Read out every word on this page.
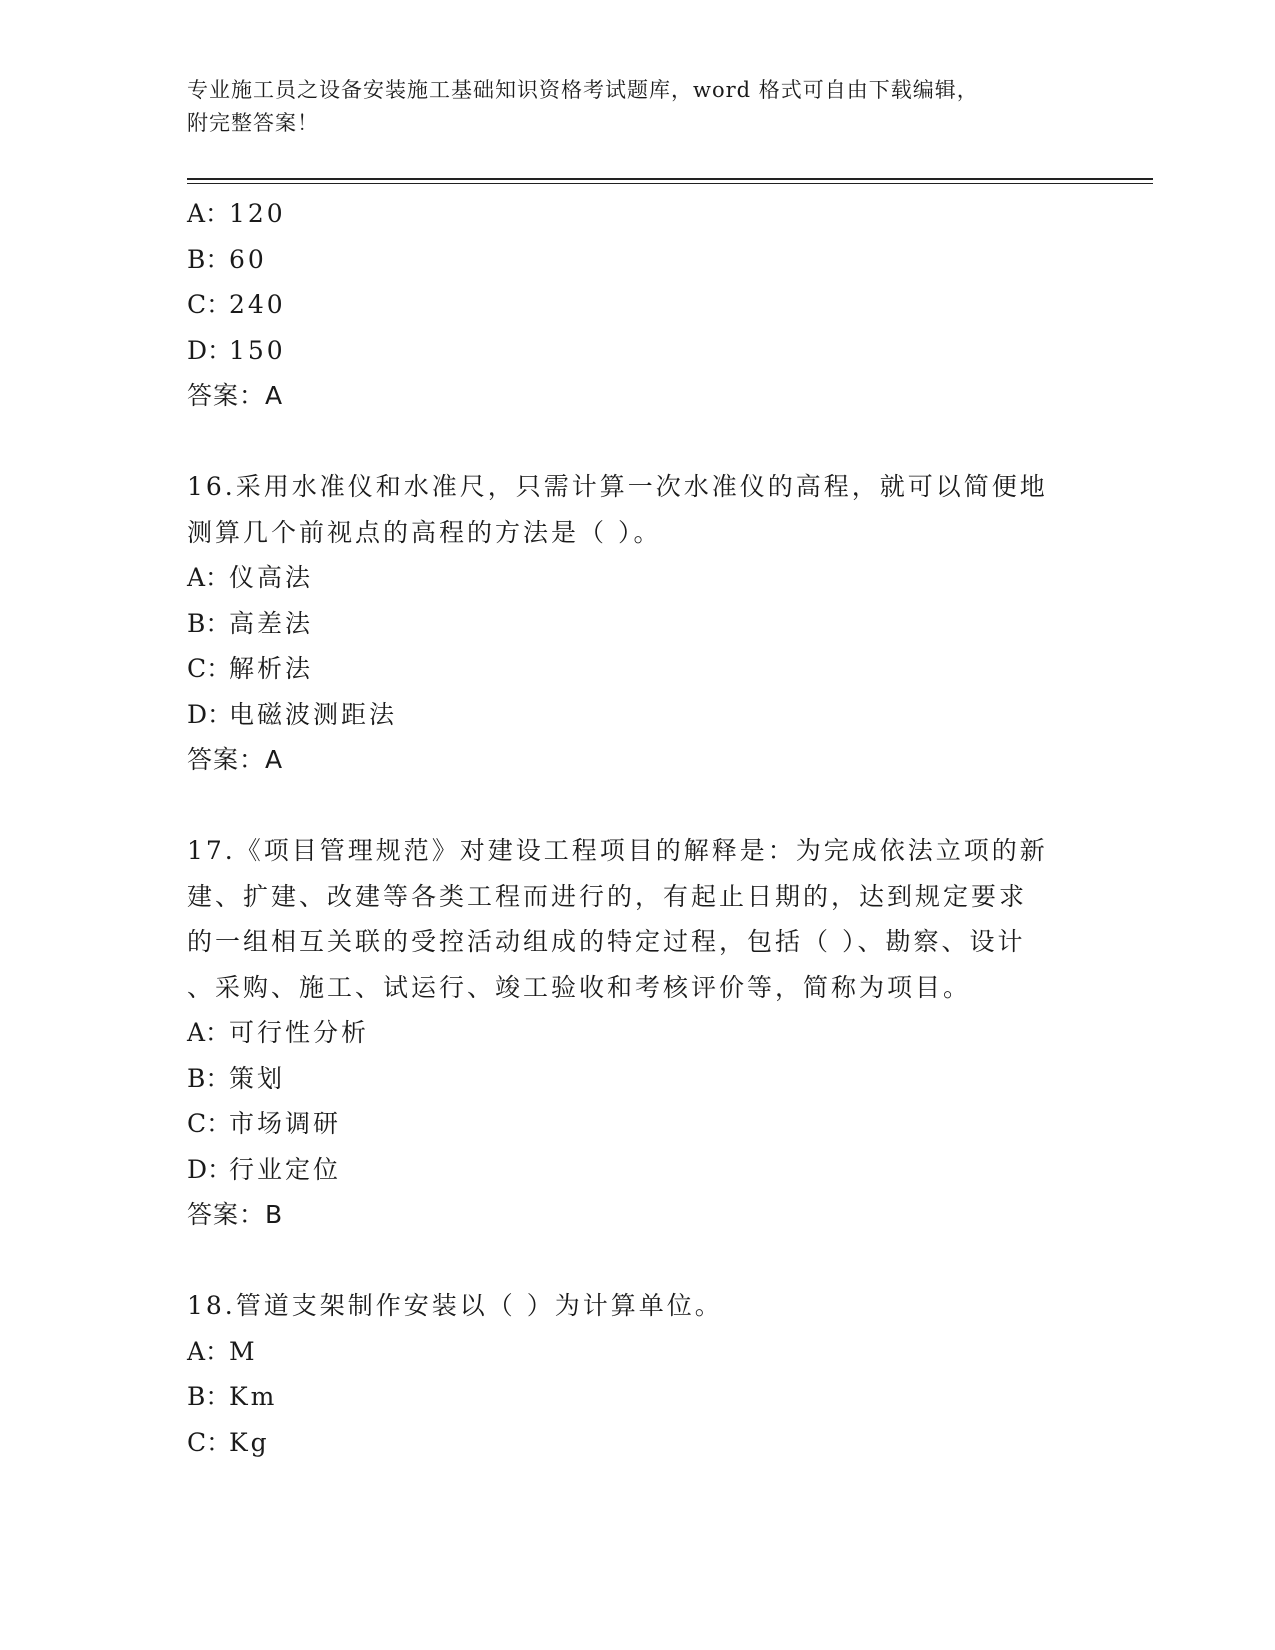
专业施工员之设备安装施工基础知识资格考试题库，word 格式可自由下载编辑，
附完整答案！
A：120
B：60
C：240
D：150
答案：A

16.采用水准仪和水准尺，只需计算一次水准仪的高程，就可以简便地

测算几个前视点的高程的方法是（ ）。

A：仪高法
B：高差法
C：解析法
D：电磁波测距法
答案：A

17.《项目管理规范》对建设工程项目的解释是：为完成依法立项的新

建、扩建、改建等各类工程而进行的，有起止日期的，达到规定要求

的一组相互关联的受控活动组成的特定过程，包括（ ）、勘察、设计

、采购、施工、试运行、竣工验收和考核评价等，简称为项目。

A：可行性分析
B：策划
C：市场调研
D：行业定位
答案：B

18.管道支架制作安装以（ ）为计算单位。

A：M
B：Km
C：Kg
